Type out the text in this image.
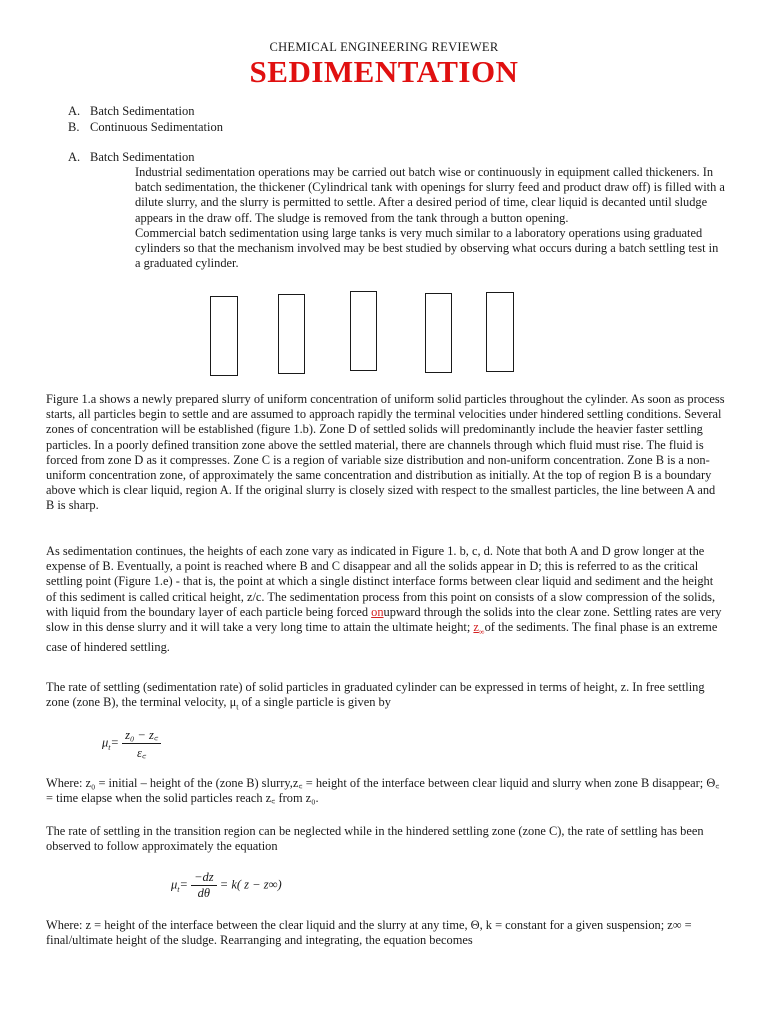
CHEMICAL ENGINEERING REVIEWER
SEDIMENTATION
A. Batch Sedimentation
B. Continuous Sedimentation
A. Batch Sedimentation

Industrial sedimentation operations may be carried out batch wise or continuously in equipment called thickeners. In batch sedimentation, the thickener (Cylindrical tank with openings for slurry feed and product draw off) is filled with a dilute slurry, and the slurry is permitted to settle. After a desired period of time, clear liquid is decanted until sludge appears in the draw off. The sludge is removed from the tank through a button opening.

Commercial batch sedimentation using large tanks is very much similar to a laboratory operations using graduated cylinders so that the mechanism involved may be best studied by observing what occurs during a batch settling test in a graduated cylinder.

Figure 1.a shows a newly prepared slurry of uniform concentration of uniform solid particles throughout the cylinder. As soon as process starts, all particles begin to settle and are assumed to approach rapidly the terminal velocities under hindered settling conditions. Several zones of concentration will be established (figure 1.b). Zone D of settled solids will predominantly include the heavier faster settling particles. In a poorly defined transition zone above the settled material, there are channels through which fluid must rise. The fluid is forced from zone D as it compresses. Zone C is a region of variable size distribution and non-uniform concentration. Zone B is a non-uniform concentration zone, of approximately the same concentration and distribution as initially. At the top of region B is a boundary above which is clear liquid, region A. If the original slurry is closely sized with respect to the smallest particles, the line between A and B is sharp.
As sedimentation continues, the heights of each zone vary as indicated in Figure 1. b, c, d. Note that both A and D grow longer at the expense of B. Eventually, a point is reached where B and C disappear and all the solids appear in D; this is referred to as the critical settling point (Figure 1.e) - that is, the point at which a single distinct interface forms between clear liquid and sediment and the height of this sediment is called critical height, z/c. The sedimentation process from this point on consists of a slow compression of the solids, with liquid from the boundary layer of each particle being forced onupward through the solids into the clear zone. Settling rates are very slow in this dense slurry and it will take a very long time to attain the ultimate height; $z_\infty of$ the sediments. The final phase is an extreme case of hindered settling.
The rate of settling (sedimentation rate) of solid particles in graduated cylinder can be expressed in terms of height, z. In free settling zone (zone B), the terminal velocity, $\mu_t$ of a single particle is given by
$\mu_t= \frac{\text{z₀ − z꜀}}{\varepsilon꜀}$
Where: z₀ = initial – height of the (zone B) slurry,z꜀ = height of the interface between clear liquid and slurry when zone B disappear; Θ꜀ = time elapse when the solid particles reach z꜀ from z₀.
The rate of settling in the transition region can be neglected while in the hindered settling zone (zone C), the rate of settling has been observed to follow approximately the equation
$\mu_t= \frac{-dz}{d\theta} = k$( z − z∞)
Where: z = height of the interface between the clear liquid and the slurry at any time, Θ, k = constant for a given suspension; z∞ = final/ultimate height of the sludge. Rearranging and integrating, the equation becomes
